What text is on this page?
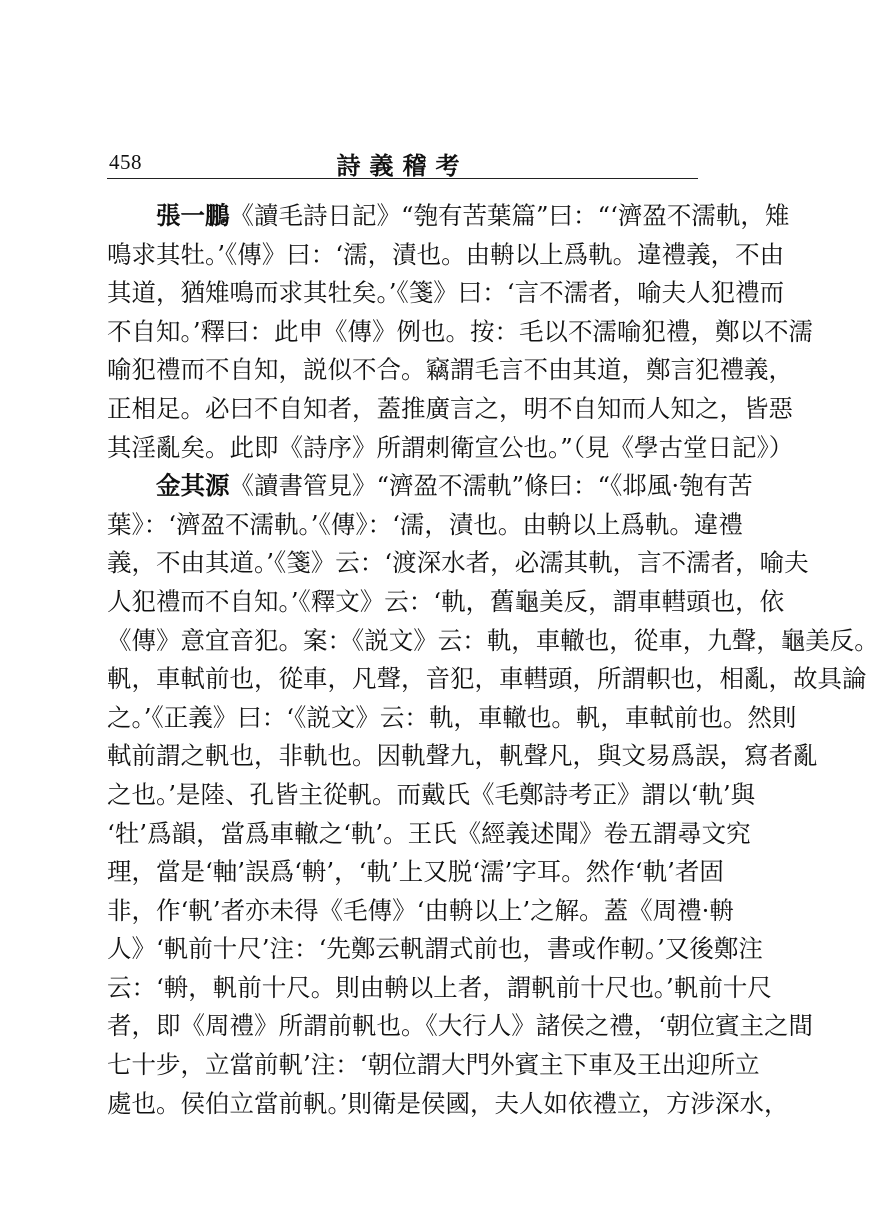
458	詩義稽考

張一鵬《讀毛詩日記》“匏有苦葉篇”曰：“‘濟盈不濡軌，雉

鳴求其牡。’《傳》曰：‘濡，漬也。由輈以上爲軌。違禮義，不由
其道，猶雉鳴而求其牡矣。’《箋》曰：‘言不濡者，喻夫人犯禮而
不自知。’釋曰：此申《傳》例也。按：毛以不濡喻犯禮，鄭以不濡
喻犯禮而不自知，説似不合。竊謂毛言不由其道，鄭言犯禮義，
正相足。必曰不自知者，蓋推廣言之，明不自知而人知之，皆惡
其淫亂矣。此即《詩序》所謂刺衛宣公也。”（見《學古堂日記》）

金其源《讀書管見》“濟盈不濡軌”條曰：“《邶風·匏有苦

葉》：‘濟盈不濡軌。’《傳》：‘濡，漬也。由輈以上爲軌。違禮
義，不由其道。’《箋》云：‘渡深水者，必濡其軌，言不濡者，喻夫
人犯禮而不自知。’《釋文》云：‘軌，舊龜美反，謂車轊頭也，依
《傳》意宜音犯。案：《説文》云：軌，車轍也，從車，九聲，龜美反。
軓，車軾前也，從車，凡聲，音犯，車轊頭，所謂軹也，相亂，故具論
之。’《正義》曰：‘《説文》云：軌，車轍也。軓，車軾前也。然則
軾前謂之軓也，非軌也。因軌聲九，軓聲凡，與文易爲誤，寫者亂
之也。’是陸、孔皆主從軓。而戴氏《毛鄭詩考正》謂以‘軌’與
‘牡’爲韻，當爲車轍之‘軌’。王氏《經義述聞》卷五謂尋文究
理，當是‘軸’誤爲‘輈’，‘軌’上又脱‘濡’字耳。然作‘軌’者固
非，作‘軓’者亦未得《毛傳》‘由輈以上’之解。蓋《周禮·輈
人》‘軓前十尺’注：‘先鄭云軓謂式前也，書或作軔。’又後鄭注
云：‘輈，軓前十尺。則由輈以上者，謂軓前十尺也。’軓前十尺
者，即《周禮》所謂前軓也。《大行人》諸侯之禮，‘朝位賓主之間
七十步，立當前軓’注：‘朝位謂大門外賓主下車及王出迎所立
處也。侯伯立當前軓。’則衛是侯國，夫人如依禮立，方涉深水，
